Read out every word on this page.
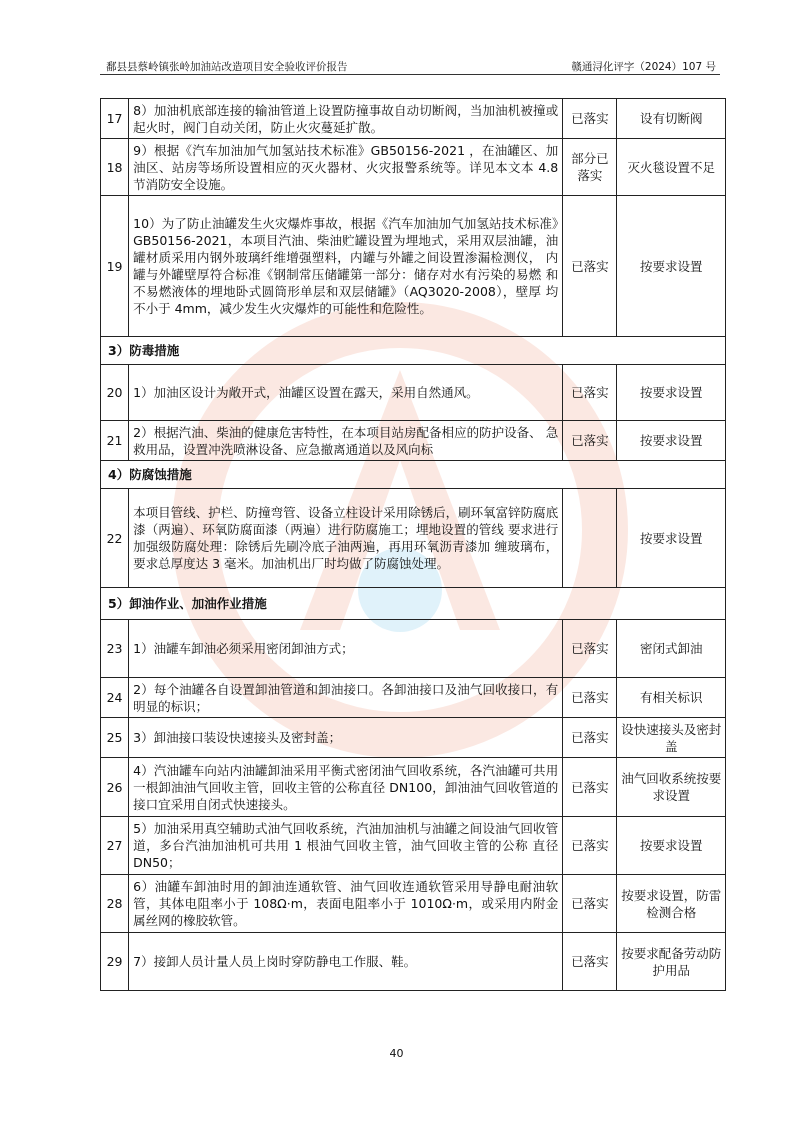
鄱县县蔡岭镇张岭加油站改造项目安全验收评价报告	赣通浔化评字（2024）107 号
17	8）加油机底部连接的输油管道上设置防撞事故自动切断阀，当加油机被撞或起火时，阀门自动关闭，防止火灾蔓延扩散。	已落实	设有切断阀
18	9）根据《汽车加油加气加氢站技术标准》GB50156-2021 ，在油罐区、加油区、站房等场所设置相应的灭火器材、火灾报警系统等。详见本文本 4.8 节消防安全设施。	部分已落实	灭火毯设置不足
19	10）为了防止油罐发生火灾爆炸事故，根据《汽车加油加气加氢站技术标准》GB50156-2021，本项目汽油、柴油贮罐设置为埋地式，采用双层油罐，油罐材质采用内钢外玻璃纤维增强塑料，内罐与外罐之间设置渗漏检测仪， 内罐与外罐壁厚符合标准《钢制常压储罐第一部分：储存对水有污染的易燃 和不易燃液体的埋地卧式圆筒形单层和双层储罐》（AQ3020-2008），壁厚 均不小于 4mm，减少发生火灾爆炸的可能性和危险性。	已落实	按要求设置
3）防毒措施			
20	1）加油区设计为敞开式，油罐区设置在露天，采用自然通风。	已落实	按要求设置
21	2）根据汽油、柴油的健康危害特性，在本项目站房配备相应的防护设备、 急救用品，设置冲洗喷淋设备、应急撤离通道以及风向标	已落实	按要求设置
4）防腐蚀措施			
22	本项目管线、护栏、防撞弯管、设备立柱设计采用除锈后，刷环氧富锌防腐底漆（两遍）、环氧防腐面漆（两遍）进行防腐施工；埋地设置的管线 要求进行加强级防腐处理：除锈后先刷冷底子油两遍，再用环氧沥青漆加 缠玻璃布，要求总厚度达 3 毫米。加油机出厂时均做了防腐蚀处理。		按要求设置
5）卸油作业、加油作业措施			
23	1）油罐车卸油必须采用密闭卸油方式；	已落实	密闭式卸油
24	2）每个油罐各自设置卸油管道和卸油接口。各卸油接口及油气回收接口，有明显的标识；	已落实	有相关标识
25	3）卸油接口装设快速接头及密封盖；	已落实	设快速接头及密封盖
26	4）汽油罐车向站内油罐卸油采用平衡式密闭油气回收系统，各汽油罐可共用一根卸油油气回收主管，回收主管的公称直径 DN100，卸油油气回收管道的接口宜采用自闭式快速接头。	已落实	油气回收系统按要求设置
27	5）加油采用真空辅助式油气回收系统，汽油加油机与油罐之间设油气回收管道，多台汽油加油机可共用 1 根油气回收主管，油气回收主管的公称 直径 DN50；	已落实	按要求设置
28	6）油罐车卸油时用的卸油连通软管、油气回收连通软管采用导静电耐油软管，其体电阻率小于 108Ω·m，表面电阻率小于 1010Ω·m，或采用内附金 属丝网的橡胶软管。	已落实	按要求设置，防雷检测合格
29	7）接卸人员计量人员上岗时穿防静电工作服、鞋。	已落实	按要求配备劳动防护用品
40
